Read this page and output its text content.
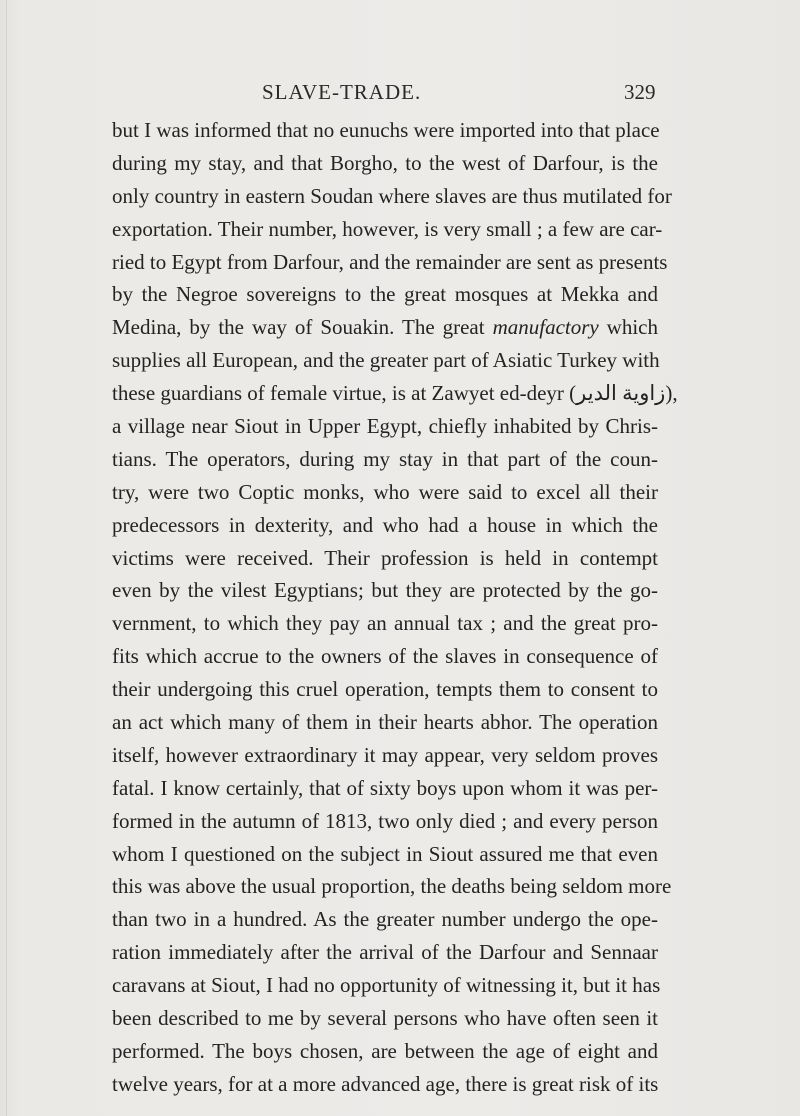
SLAVE-TRADE.	329
but I was informed that no eunuchs were imported into that place
during my stay, and that Borgho, to the west of Darfour, is the
only country in eastern Soudan where slaves are thus mutilated for
exportation. Their number, however, is very small ; a few are car-
ried to Egypt from Darfour, and the remainder are sent as presents
by the Negroe sovereigns to the great mosques at Mekka and
Medina, by the way of Souakin. The great manufactory which
supplies all European, and the greater part of Asiatic Turkey with
these guardians of female virtue, is at Zawyet ed-deyr (زاوية الدير),
a village near Siout in Upper Egypt, chiefly inhabited by Chris-
tians. The operators, during my stay in that part of the coun-
try, were two Coptic monks, who were said to excel all their
predecessors in dexterity, and who had a house in which the
victims were received. Their profession is held in contempt
even by the vilest Egyptians; but they are protected by the go-
vernment, to which they pay an annual tax ; and the great pro-
fits which accrue to the owners of the slaves in consequence of
their undergoing this cruel operation, tempts them to consent to
an act which many of them in their hearts abhor. The operation
itself, however extraordinary it may appear, very seldom proves
fatal. I know certainly, that of sixty boys upon whom it was per-
formed in the autumn of 1813, two only died ; and every person
whom I questioned on the subject in Siout assured me that even
this was above the usual proportion, the deaths being seldom more
than two in a hundred. As the greater number undergo the ope-
ration immediately after the arrival of the Darfour and Sennaar
caravans at Siout, I had no opportunity of witnessing it, but it has
been described to me by several persons who have often seen it
performed. The boys chosen, are between the age of eight and
twelve years, for at a more advanced age, there is great risk of its
